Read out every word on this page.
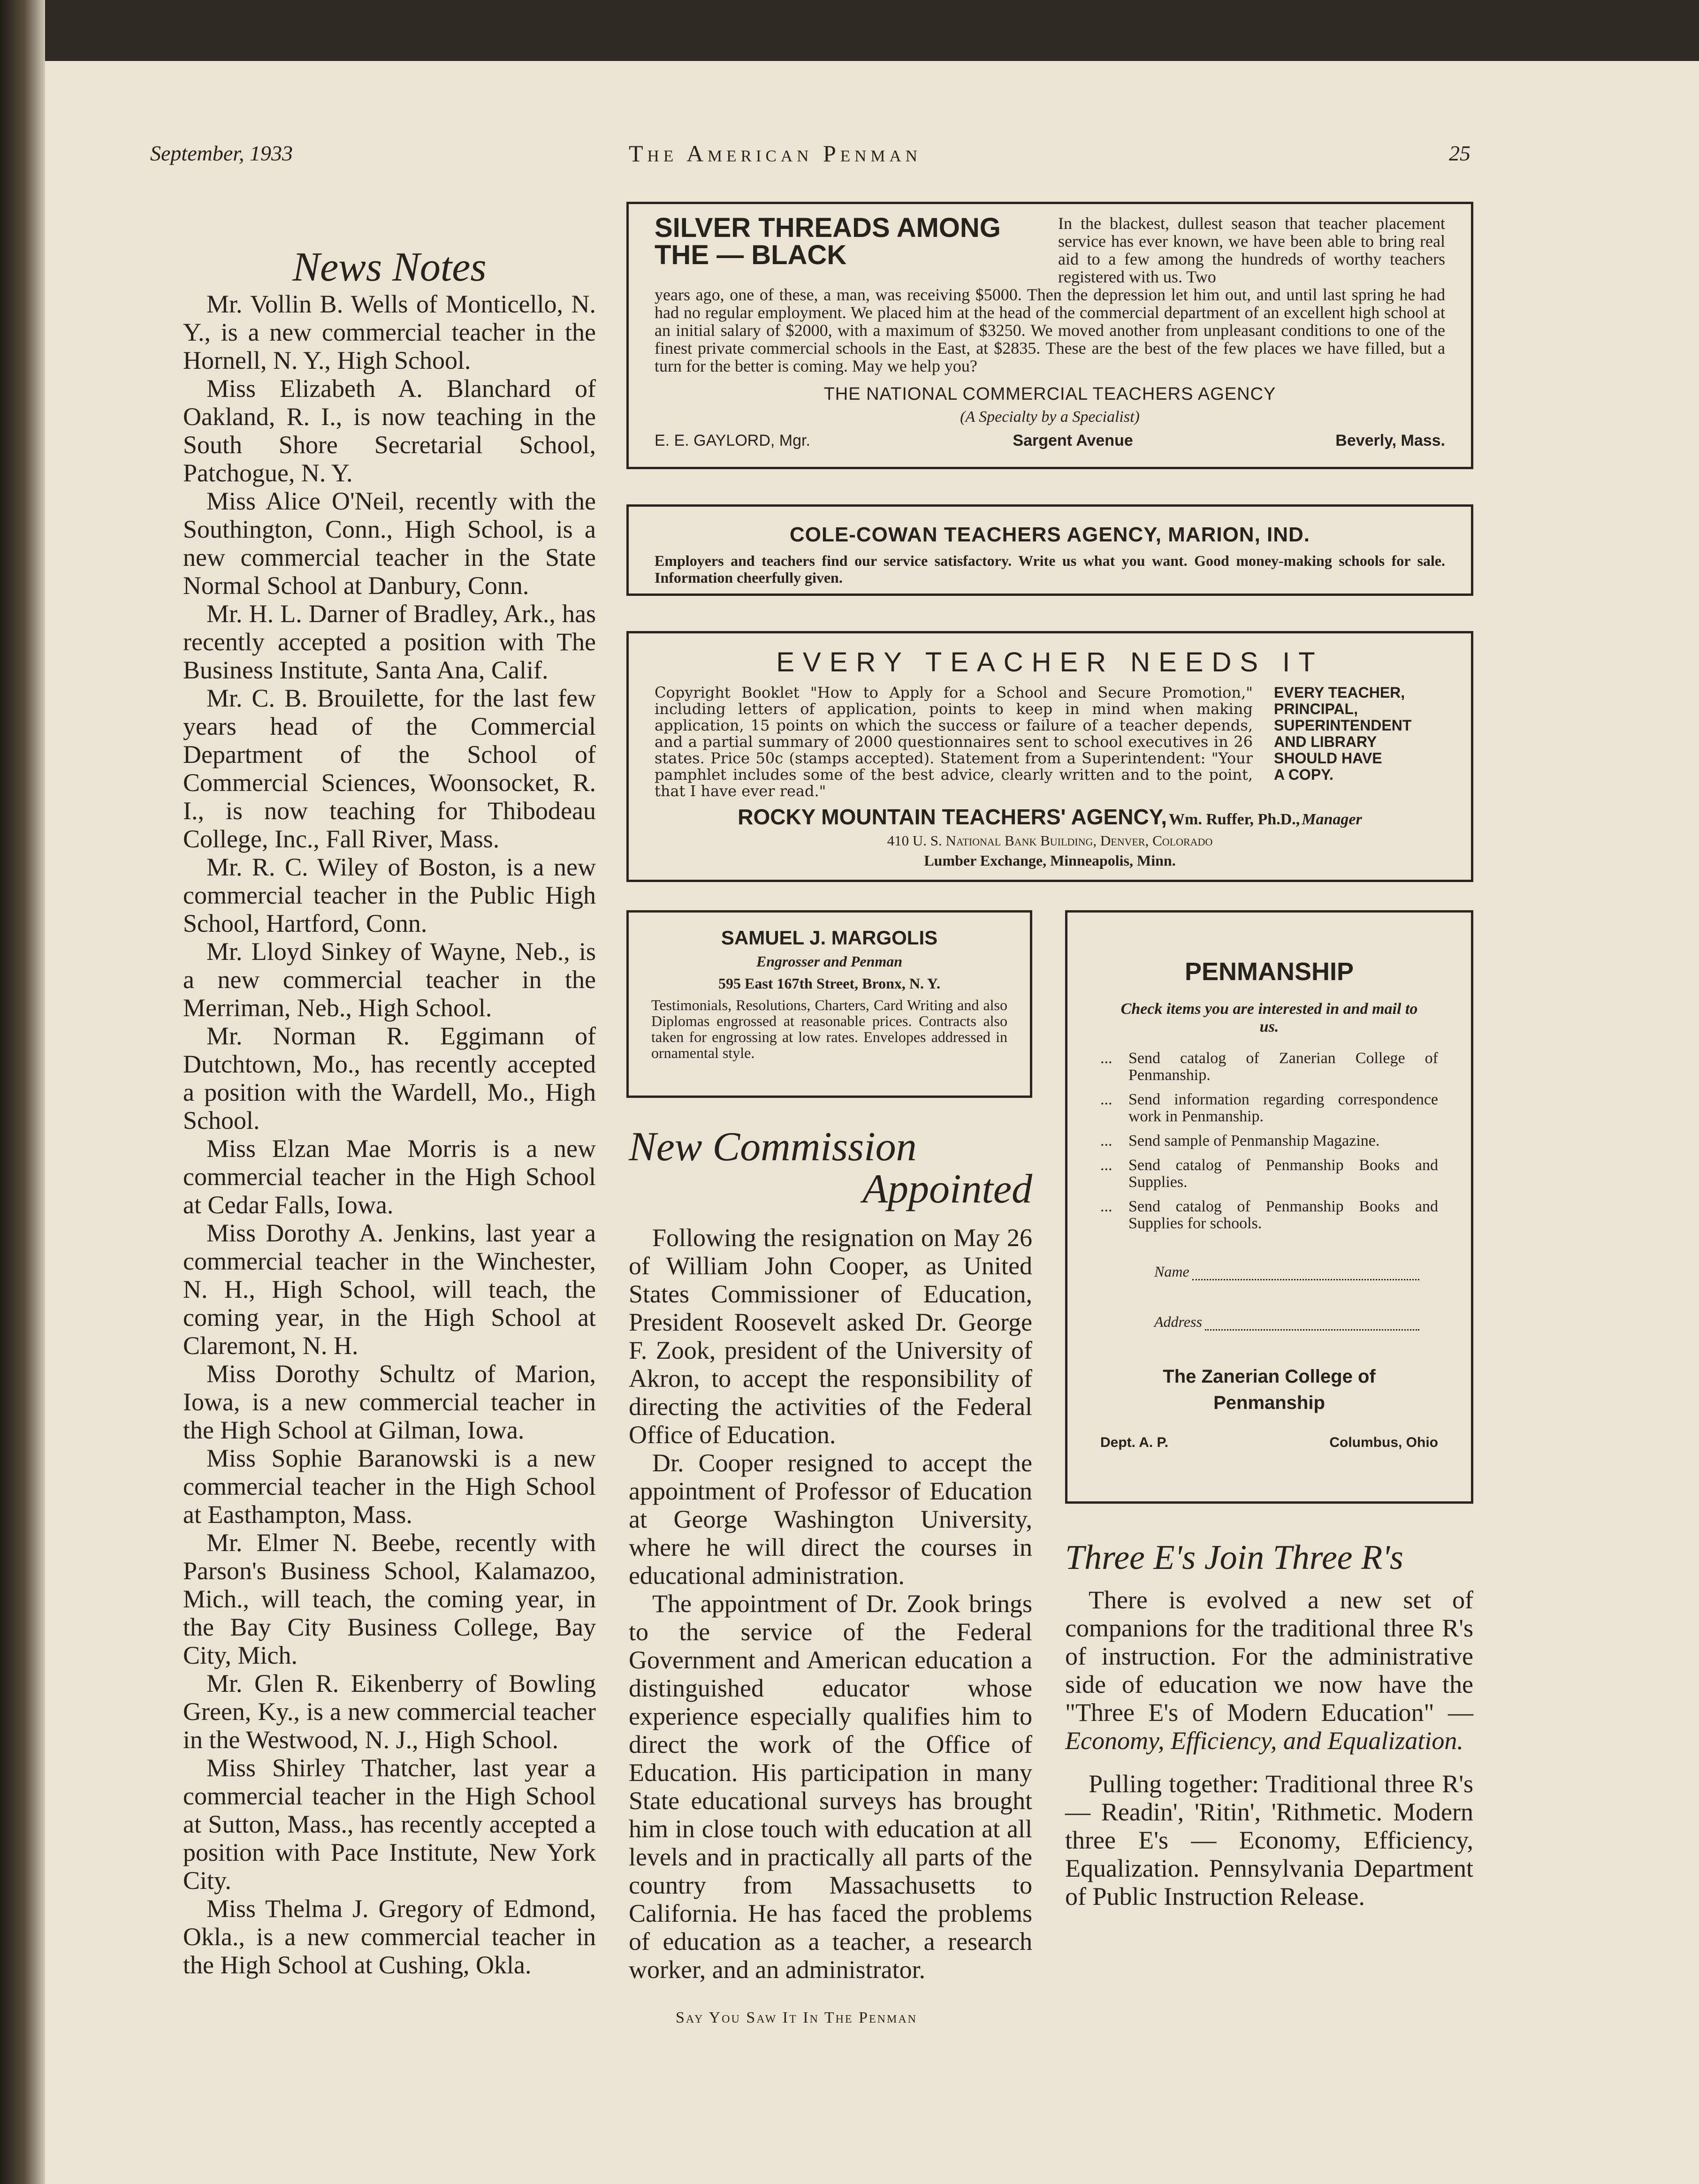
September, 1933	The American Penman	25
News Notes

Mr. Vollin B. Wells of Monticello, N. Y., is a new commercial teacher in the Hornell, N. Y., High School.

Miss Elizabeth A. Blanchard of Oakland, R. I., is now teaching in the South Shore Secretarial School, Patchogue, N. Y.

Miss Alice O'Neil, recently with the Southington, Conn., High School, is a new commercial teacher in the State Normal School at Danbury, Conn.

Mr. H. L. Darner of Bradley, Ark., has recently accepted a position with The Business Institute, Santa Ana, Calif.

Mr. C. B. Brouilette, for the last few years head of the Commercial Department of the School of Commercial Sciences, Woonsocket, R. I., is now teaching for Thibodeau College, Inc., Fall River, Mass.

Mr. R. C. Wiley of Boston, is a new commercial teacher in the Public High School, Hartford, Conn.

Mr. Lloyd Sinkey of Wayne, Neb., is a new commercial teacher in the Merriman, Neb., High School.

Mr. Norman R. Eggimann of Dutchtown, Mo., has recently accepted a position with the Wardell, Mo., High School.

Miss Elzan Mae Morris is a new commercial teacher in the High School at Cedar Falls, Iowa.

Miss Dorothy A. Jenkins, last year a commercial teacher in the Winchester, N. H., High School, will teach, the coming year, in the High School at Claremont, N. H.

Miss Dorothy Schultz of Marion, Iowa, is a new commercial teacher in the High School at Gilman, Iowa.

Miss Sophie Baranowski is a new commercial teacher in the High School at Easthampton, Mass.

Mr. Elmer N. Beebe, recently with Parson's Business School, Kalamazoo, Mich., will teach, the coming year, in the Bay City Business College, Bay City, Mich.

Mr. Glen R. Eikenberry of Bowling Green, Ky., is a new commercial teacher in the Westwood, N. J., High School.

Miss Shirley Thatcher, last year a commercial teacher in the High School at Sutton, Mass., has recently accepted a position with Pace Institute, New York City.

Miss Thelma J. Gregory of Edmond, Okla., is a new commercial teacher in the High School at Cushing, Okla.

SILVER THREADS AMONG THE — BLACK
In the blackest, dullest season that teacher placement service has ever known, we have been able to bring real aid to a few among the hundreds of worthy teachers registered with us. Two
years ago, one of these, a man, was receiving $5000. Then the depression let him out, and until last spring he had had no regular employment. We placed him at the head of the commercial department of an excellent high school at an initial salary of $2000, with a maximum of $3250. We moved another from unpleasant conditions to one of the finest private commercial schools in the East, at $2835. These are the best of the few places we have filled, but a turn for the better is coming. May we help you?
THE NATIONAL COMMERCIAL TEACHERS AGENCY
(A Specialty by a Specialist)
E. E. GAYLORD, Mgr.	Sargent Avenue	Beverly, Mass.
COLE-COWAN TEACHERS AGENCY, MARION, IND.
Employers and teachers find our service satisfactory. Write us what you want. Good money-making schools for sale. Information cheerfully given.
EVERY TEACHER NEEDS IT
Copyright Booklet "How to Apply for a School and Secure Promotion," including letters of application, points to keep in mind when making application, 15 points on which the success or failure of a teacher depends, and a partial summary of 2000 questionnaires sent to school executives in 26 states. Price 50c (stamps accepted). Statement from a Superintendent: "Your pamphlet includes some of the best advice, clearly written and to the point, that I have ever read."
EVERY TEACHER,
PRINCIPAL,
SUPERINTENDENT
AND LIBRARY
SHOULD HAVE
A COPY.
ROCKY MOUNTAIN TEACHERS' AGENCY, Wm. Ruffer, Ph.D., Manager
410 U. S. National Bank Building, Denver, Colorado
Lumber Exchange, Minneapolis, Minn.
SAMUEL J. MARGOLIS
Engrosser and Penman
595 East 167th Street, Bronx, N. Y.
Testimonials, Resolutions, Charters, Card Writing and also Diplomas engrossed at reasonable prices. Contracts also taken for engrossing at low rates. Envelopes addressed in ornamental style.
New Commission
Appointed

Following the resignation on May 26 of William John Cooper, as United States Commissioner of Education, President Roosevelt asked Dr. George F. Zook, president of the University of Akron, to accept the responsibility of directing the activities of the Federal Office of Education.

Dr. Cooper resigned to accept the appointment of Professor of Education at George Washington University, where he will direct the courses in educational administration.

The appointment of Dr. Zook brings to the service of the Federal Government and American education a distinguished educator whose experience especially qualifies him to direct the work of the Office of Education. His participation in many State educational surveys has brought him in close touch with education at all levels and in practically all parts of the country from Massachusetts to California. He has faced the problems of education as a teacher, a research worker, and an administrator.

PENMANSHIP
Check items you are interested in and mail to us.
...	Send catalog of Zanerian College of Penmanship.
...	Send information regarding correspondence work in Penmanship.
...	Send sample of Penmanship Magazine.
...	Send catalog of Penmanship Books and Supplies.
...	Send catalog of Penmanship Books and Supplies for schools.
Name
Address
The Zanerian College of Penmanship
Dept. A. P.	Columbus, Ohio
Three E's Join Three R's

There is evolved a new set of companions for the traditional three R's of instruction. For the administrative side of education we now have the "Three E's of Modern Education" — Economy, Efficiency, and Equalization.

Pulling together: Traditional three R's — Readin', 'Ritin', 'Rithmetic. Modern three E's — Economy, Efficiency, Equalization. Pennsylvania Department of Public Instruction Release.

Say You Saw It In The Penman
